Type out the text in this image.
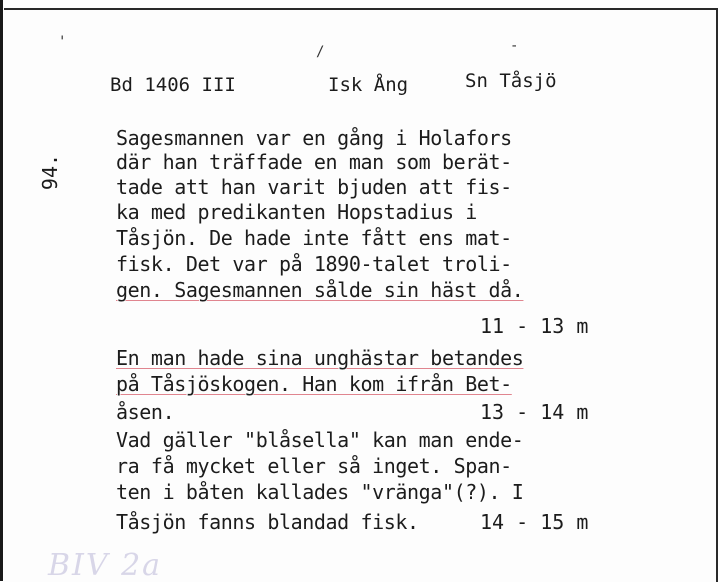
'
/	-
Bd 1406 III	Isk Ång	Sn Tåsjö
94.
Sagesmannen var en gång i Holafors
där han träffade en man som berät-
tade att han varit bjuden att fis-
ka med predikanten Hopstadius i
Tåsjön. De hade inte fått ens mat-
fisk. Det var på 1890-talet troli-
gen. Sagesmannen sålde sin häst då.
11 - 13 m
En man hade sina unghästar betandes
på Tåsjöskogen. Han kom ifrån Bet-
åsen.	13 - 14 m
Vad gäller "blåsella" kan man ende-
ra få mycket eller så inget. Span-
ten i båten kallades "vränga"(?). I
Tåsjön fanns blandad fisk.	14 - 15 m
BIV 2a
